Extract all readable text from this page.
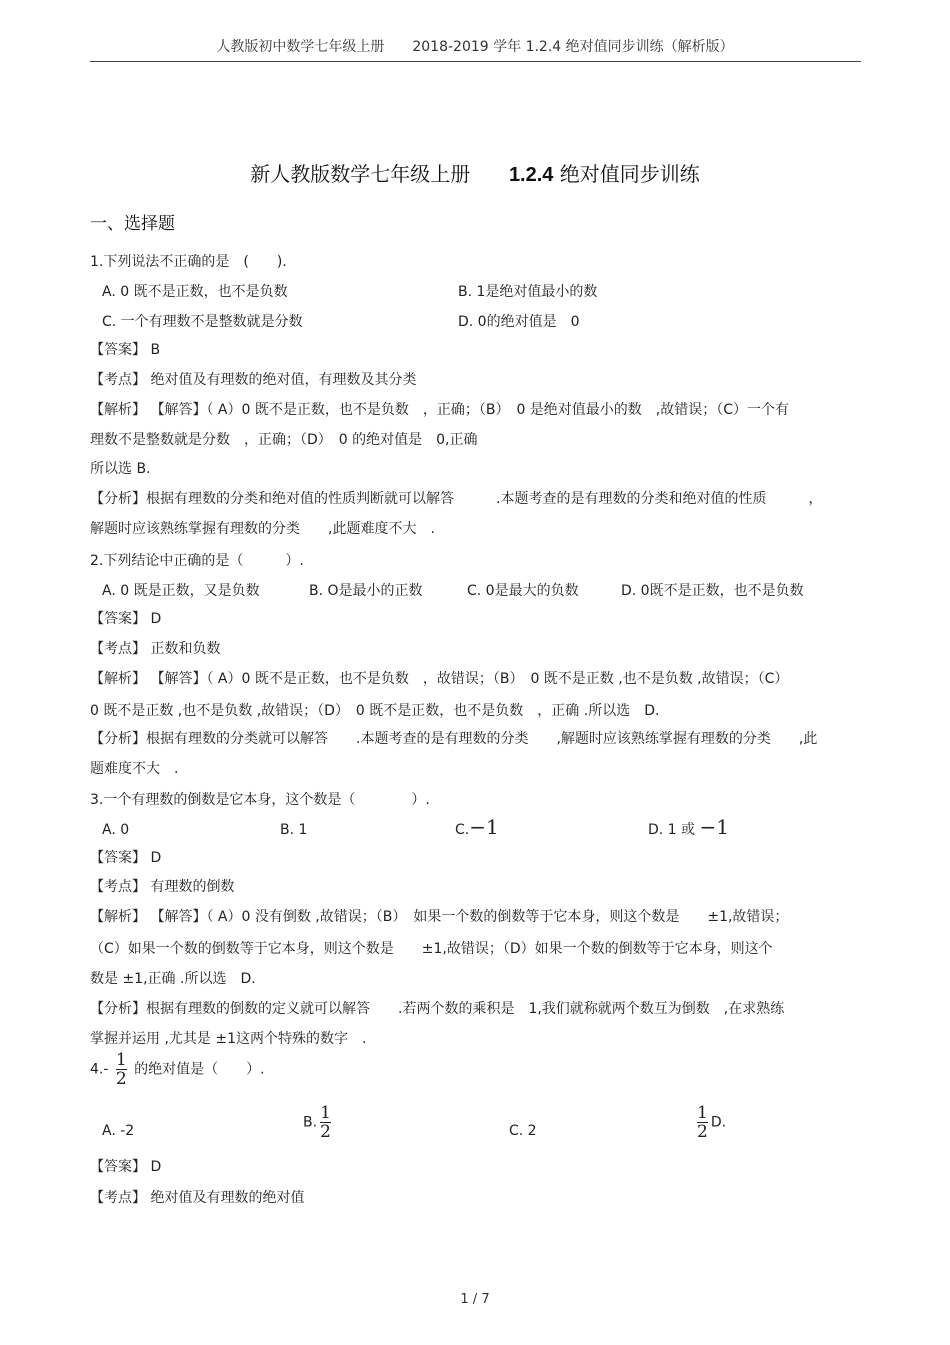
人教版初中数学七年级上册　　2018-2019 学年 1.2.4 绝对值同步训练（解析版）
新人教版数学七年级上册 1.2.4 绝对值同步训练
一、选择题
1.下列说法不正确的是　(　　).
A. 0 既不是正数，也不是负数	B. 1是绝对值最小的数
C. 一个有理数不是整数就是分数	D. 0的绝对值是　0
【答案】 B
【考点】 绝对值及有理数的绝对值，有理数及其分类
【解析】 【解答】（ A）0 既不是正数，也不是负数　，正确；（B）　0 是绝对值最小的数　,故错误；（C）一个有
理数不是整数就是分数　，正确；（D）　0 的绝对值是　0,正确
所以选 B.
【分析】根据有理数的分类和绝对值的性质判断就可以解答　　　.本题考查的是有理数的分类和绝对值的性质　　　，
解题时应该熟练掌握有理数的分类　　,此题难度不大　.
2.下列结论中正确的是（　　　）.
A. 0 既是正数，又是负数	B. O是最小的正数	C. 0是最大的负数	D. 0既不是正数，也不是负数
【答案】 D
【考点】 正数和负数
【解析】 【解答】（ A）0 既不是正数，也不是负数　，故错误；（B）　0 既不是正数 ,也不是负数 ,故错误；（C）
0 既不是正数 ,也不是负数 ,故错误；（D）　0 既不是正数，也不是负数　，正确 .所以选　D.
【分析】根据有理数的分类就可以解答　　.本题考查的是有理数的分类　　,解题时应该熟练掌握有理数的分类　　,此
题难度不大　.
3.一个有理数的倒数是它本身，这个数是（　　　　）.
A. 0	B. 1	C.−1	D. 1 或 −1
【答案】 D
【考点】 有理数的倒数
【解析】 【解答】（ A）0 没有倒数 ,故错误；（B）　如果一个数的倒数等于它本身，则这个数是　　±1,故错误；
（C）如果一个数的倒数等于它本身，则这个数是　　±1,故错误；（D）如果一个数的倒数等于它本身，则这个
数是 ±1,正确 .所以选　D.
【分析】根据有理数的倒数的定义就可以解答　　.若两个数的乘积是　1,我们就称就两个数互为倒数　,在求熟练
掌握并运用 ,尤其是 ±1这两个特殊的数字　.
$4.- \frac{1}{2}$ 的绝对值是（　　）.
A. -2
B. $\frac{1}{2}$	C. 2	$\frac{1}{2} D$.
【答案】 D
【考点】 绝对值及有理数的绝对值
1 / 7
